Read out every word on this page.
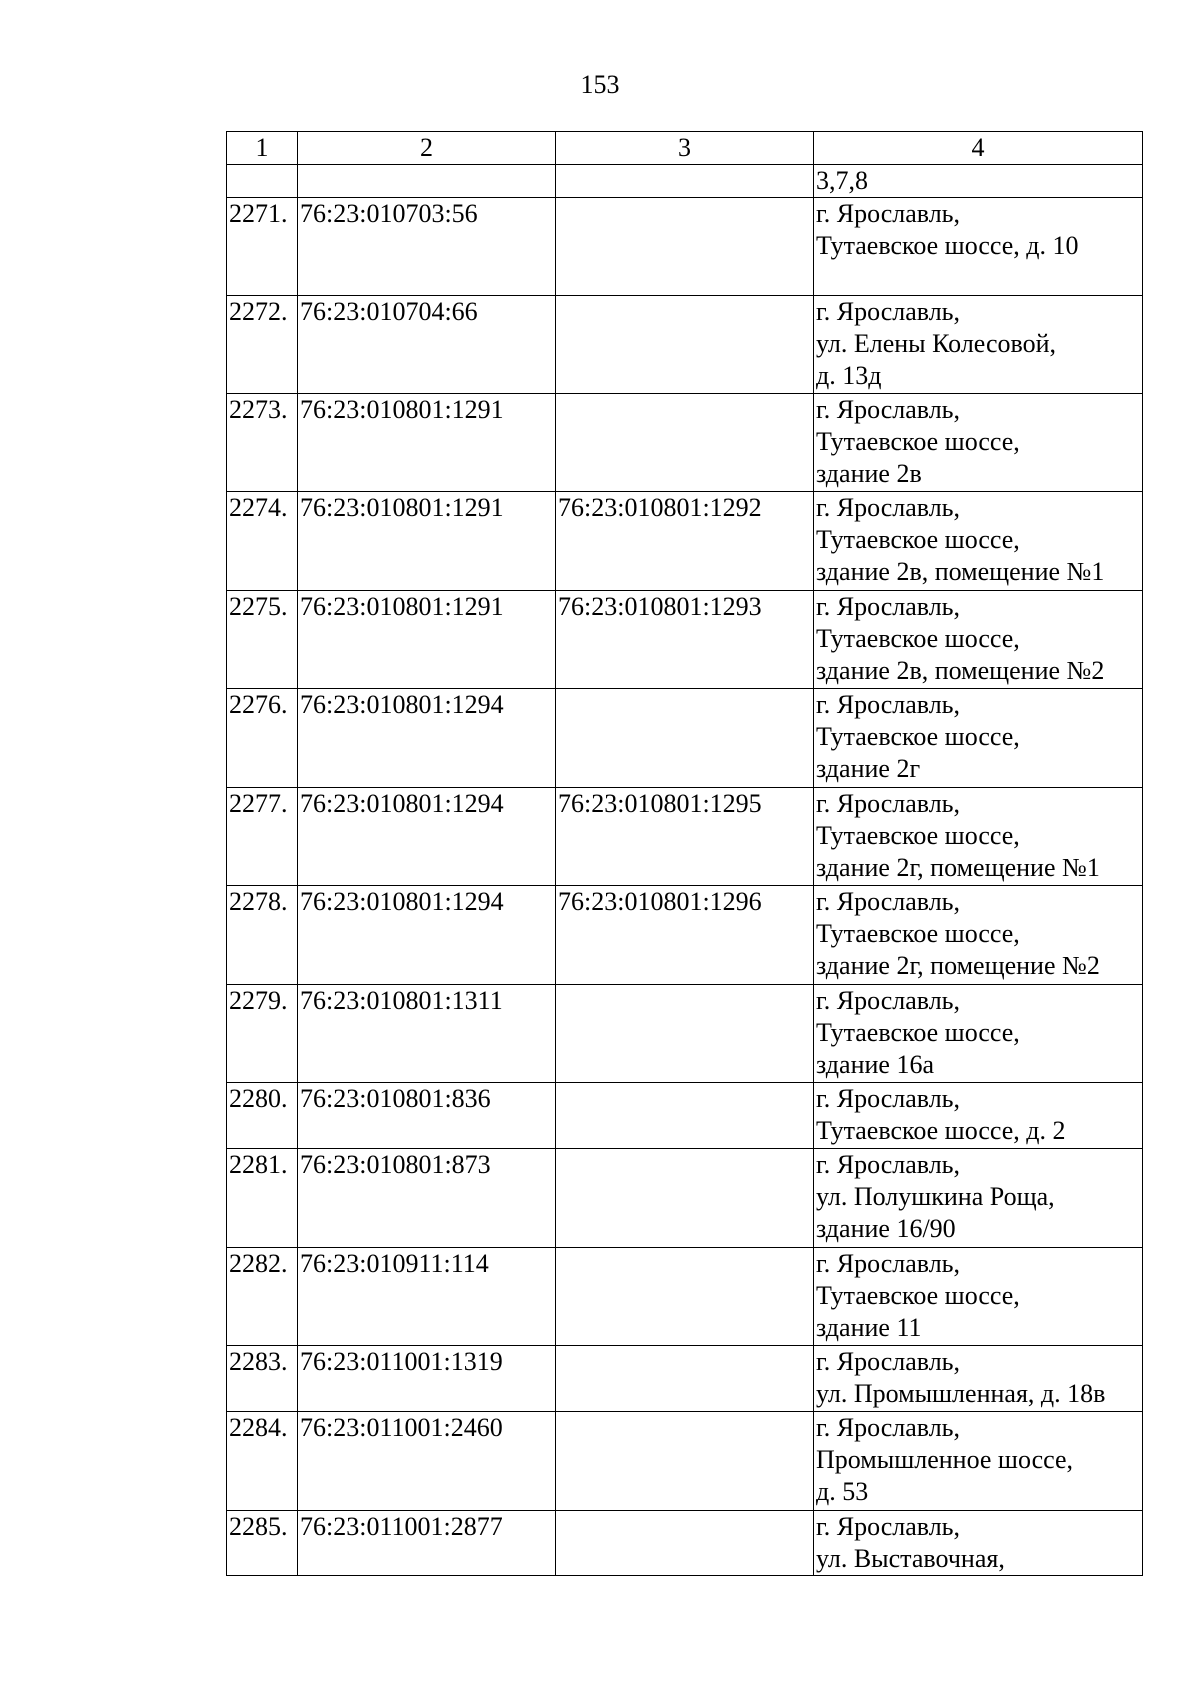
153
1	2	3	4

			3,7,8

2271.	76:23:010703:56		г. Ярославль,
Тутаевское шоссе, д. 10

2272.	76:23:010704:66		г. Ярославль,
ул. Елены Колесовой,
д. 13д

2273.	76:23:010801:1291		г. Ярославль,
Тутаевское шоссе,
здание 2в

2274.	76:23:010801:1291	76:23:010801:1292	г. Ярославль,
Тутаевское шоссе,
здание 2в, помещение №1

2275.	76:23:010801:1291	76:23:010801:1293	г. Ярославль,
Тутаевское шоссе,
здание 2в, помещение №2

2276.	76:23:010801:1294		г. Ярославль,
Тутаевское шоссе,
здание 2г

2277.	76:23:010801:1294	76:23:010801:1295	г. Ярославль,
Тутаевское шоссе,
здание 2г, помещение №1

2278.	76:23:010801:1294	76:23:010801:1296	г. Ярославль,
Тутаевское шоссе,
здание 2г, помещение №2

2279.	76:23:010801:1311		г. Ярославль,
Тутаевское шоссе,
здание 16а

2280.	76:23:010801:836		г. Ярославль,
Тутаевское шоссе, д. 2

2281.	76:23:010801:873		г. Ярославль,
ул. Полушкина Роща,
здание 16/90

2282.	76:23:010911:114		г. Ярославль,
Тутаевское шоссе,
здание 11

2283.	76:23:011001:1319		г. Ярославль,
ул. Промышленная, д. 18в

2284.	76:23:011001:2460		г. Ярославль,
Промышленное шоссе,
д. 53

2285.	76:23:011001:2877		г. Ярославль,
ул. Выставочная,
